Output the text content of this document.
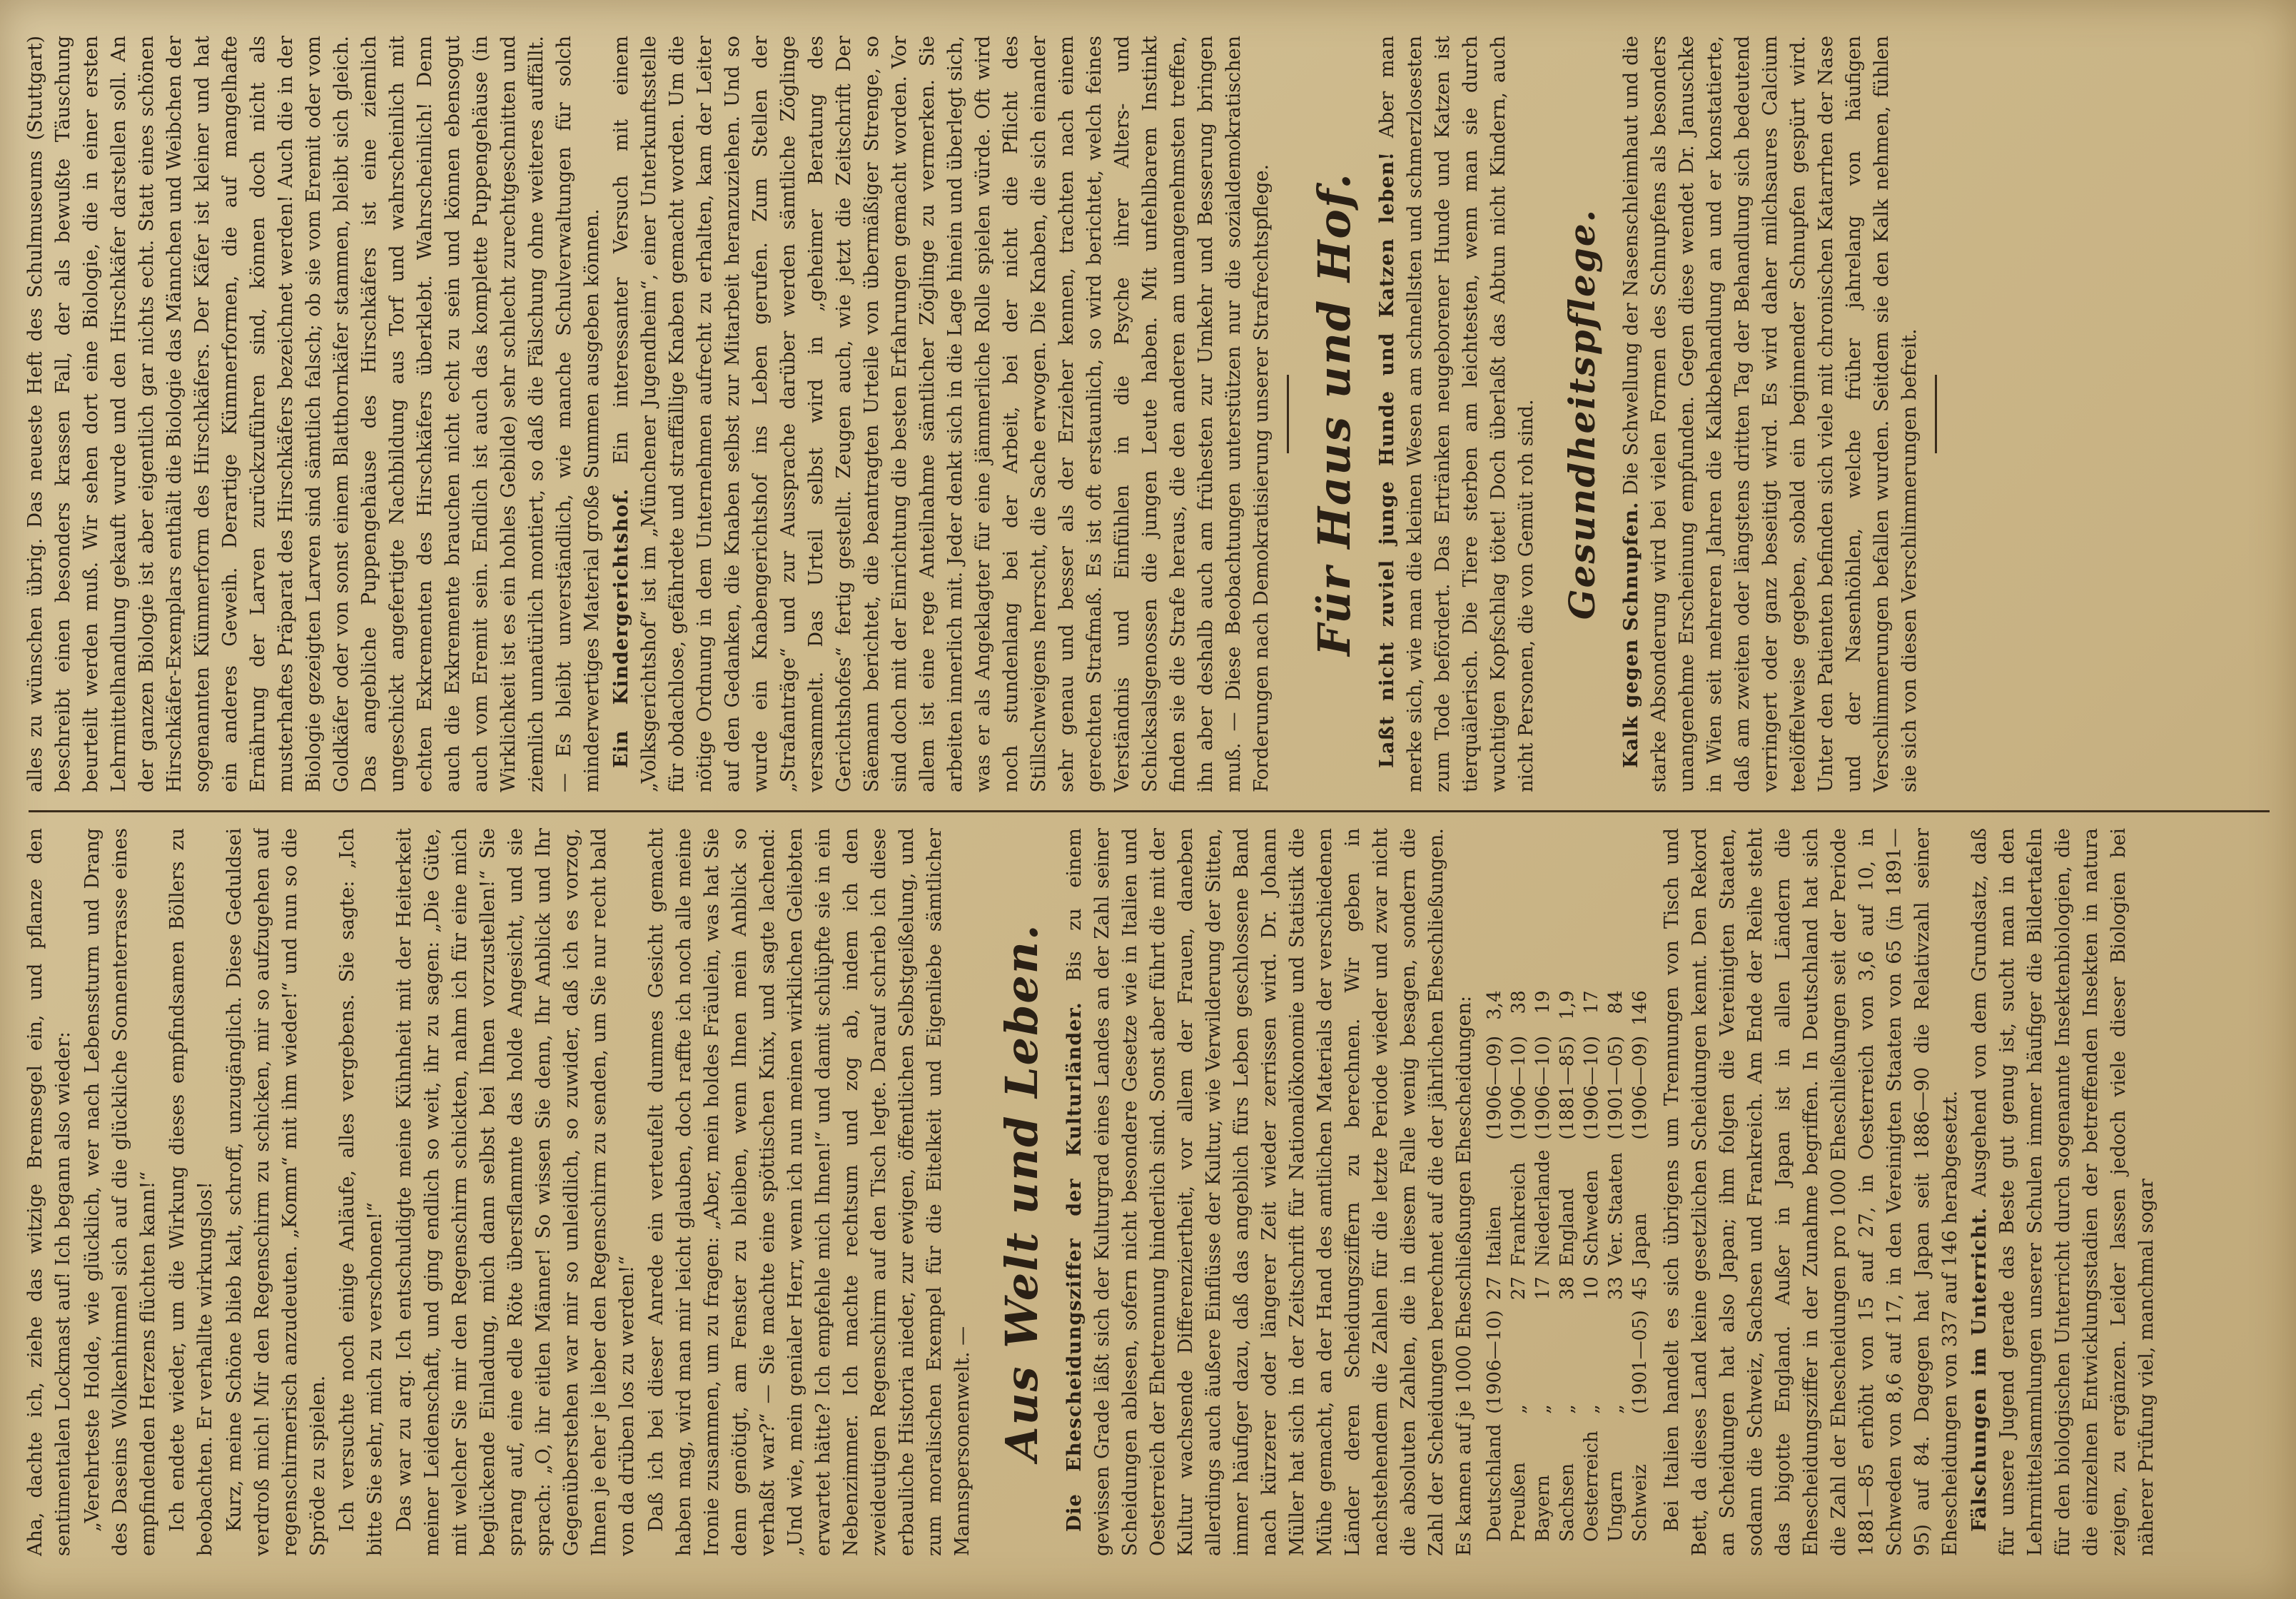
Aha, dachte ich, ziehe das witzige Bremsegel ein, und pflanze den sentimentalen Lockmast auf! Ich begann also wieder: „Verehrteste Holde, wie glücklich, wer nach Lebenssturm und Drang des Daseins Wolkenhimmel sich auf die glückliche Sonnenterrasse eines empfindenden Herzens flüchten kann!“ Ich endete wieder, um die Wirkung dieses empfindsamen Böllers zu beobachten. Er verhallte wirkungslos! Kurz, meine Schöne blieb kalt, schroff, unzugänglich. Diese Geduldsei verdroß mich! Mir den Regenschirm zu schicken, mir so aufzugehen auf regenschirmerisch anzudeuten. „Komm“ mit ihm wieder!“ und nun so die Spröde zu spielen. Ich versuchte noch einige Anläufe, alles vergebens. Sie sagte: „Ich bitte Sie sehr, mich zu verschonen!“ Das war zu arg. Ich entschuldigte meine Kühnheit mit der Heiterkeit meiner Leidenschaft, und ging endlich so weit, ihr zu sagen: „Die Güte, mit welcher Sie mir den Regenschirm schickten, nahm ich für eine mich beglückende Einladung, mich dann selbst bei Ihnen vorzustellen!“ Sie sprang auf, eine edle Röte übersflammte das holde Angesicht, und sie sprach: „O, ihr eitlen Männer! So wissen Sie denn, Ihr Anblick und Ihr Gegenüberstehen war mir so unleidlich, so zuwider, daß ich es vorzog, Ihnen je eher je lieber den Regenschirm zu senden, um Sie nur recht bald von da drüben los zu werden!“ Daß ich bei dieser Anrede ein verteufelt dummes Gesicht gemacht haben mag, wird man mir leicht glauben, doch raffte ich noch alle meine Ironie zusammen, um zu fragen: „Aber, mein holdes Fräulein, was hat Sie denn genötigt, am Fenster zu bleiben, wenn Ihnen mein Anblick so verhaßt war?“ — Sie machte eine spöttischen Knix, und sagte lachend: „Und wie, mein genialer Herr, wenn ich nun meinen wirklichen Geliebten erwartet hätte? Ich empfehle mich Ihnen!“ und damit schlüpfte sie in ein Nebenzimmer. Ich machte rechtsum und zog ab, indem ich den zweideutigen Regenschirm auf den Tisch legte. Darauf schrieb ich diese erbauliche Historia nieder, zur ewigen, öffentlichen Selbstgeißelung, und zum moralischen Exempel für die Eitelkeit und Eigenliebe sämtlicher Mannspersonenwelt. — Aus Welt und Leben. Die Ehescheidungsziffer der Kulturländer. Bis zu einem gewissen Grade läßt sich der Kulturgrad eines Landes an der Zahl seiner Scheidungen ablesen, sofern nicht besondere Gesetze wie in Italien und Oesterreich der Ehetrennung hinderlich sind. Sonst aber führt die mit der Kultur wachsende Differenziertheit, vor allem der Frauen, daneben allerdings auch äußere Einflüsse der Kultur, wie Verwilderung der Sitten, immer häufiger dazu, daß das angeblich fürs Leben geschlossene Band nach kürzerer oder längerer Zeit wieder zerrissen wird. Dr. Johann Müller hat sich in der Zeitschrift für Nationalökonomie und Statistik die Mühe gemacht, an der Hand des amtlichen Materials der verschiedenen Länder deren Scheidungsziffern zu berechnen. Wir geben in nachstehendem die Zahlen für die letzte Periode wieder und zwar nicht die absoluten Zahlen, die in diesem Falle wenig besagen, sondern die Zahl der Scheidungen berechnet auf die der jährlichen Eheschließungen. Es kamen auf je 1000 Eheschließungen Ehescheidungen: Deutschland	(1906—10)	27	Italien	(1906—09)	3,4
Preußen	„	27	Frankreich	(1906—10)	38
Bayern	„	17	Niederlande	(1906—10)	19
Sachsen	„	38	England	(1881—85)	1,9
Oesterreich	„	10	Schweden	(1906—10)	17
Ungarn	„	33	Ver. Staaten	(1901—05)	84
Schweiz	(1901—05)	45	Japan	(1906—09)	146 Bei Italien handelt es sich übrigens um Trennungen von Tisch und Bett, da dieses Land keine gesetzlichen Scheidungen kennt. Den Rekord an Scheidungen hat also Japan; ihm folgen die Vereinigten Staaten, sodann die Schweiz, Sachsen und Frankreich. Am Ende der Reihe steht das bigotte England. Außer in Japan ist in allen Ländern die Ehescheidungsziffer in der Zunahme begriffen. In Deutschland hat sich die Zahl der Ehescheidungen pro 1000 Eheschließungen seit der Periode 1881—85 erhöht von 15 auf 27, in Oesterreich von 3,6 auf 10, in Schweden von 8,6 auf 17, in den Vereinigten Staaten von 65 (in 1891—95) auf 84. Dagegen hat Japan seit 1886—90 die Relativzahl seiner Ehescheidungen von 337 auf 146 herabgesetzt. Fälschungen im Unterricht. Ausgehend von dem Grundsatz, daß für unsere Jugend gerade das Beste gut genug ist, sucht man in den Lehrmittelsammlungen unserer Schulen immer häufiger die Bildertafeln für den biologischen Unterricht durch sogenannte Insektenbiologien, die die einzelnen Entwicklungsstadien der betreffenden Insekten in natura zeigen, zu ergänzen. Leider lassen jedoch viele dieser Biologien bei näherer Prüfung viel, manchmal sogar

alles zu wünschen übrig. Das neueste Heft des Schulmuseums (Stuttgart) beschreibt einen besonders krassen Fall, der als bewußte Täuschung beurteilt werden muß. Wir sehen dort eine Biologie, die in einer ersten Lehrmittelhandlung gekauft wurde und den Hirschkäfer darstellen soll. An der ganzen Biologie ist aber eigentlich gar nichts echt. Statt eines schönen Hirschkäfer-Exemplars enthält die Biologie das Männchen und Weibchen der sogenannten Kümmerform des Hirschkäfers. Der Käfer ist kleiner und hat ein anderes Geweih. Derartige Kümmerformen, die auf mangelhafte Ernährung der Larven zurückzuführen sind, können doch nicht als musterhaftes Präparat des Hirschkäfers bezeichnet werden! Auch die in der Biologie gezeigten Larven sind sämtlich falsch; ob sie vom Eremit oder vom Goldkäfer oder von sonst einem Blatthornkäfer stammen, bleibt sich gleich. Das angebliche Puppengehäuse des Hirschkäfers ist eine ziemlich ungeschickt angefertigte Nachbildung aus Torf und wahrscheinlich mit echten Exkrementen des Hirschkäfers überklebt. Wahrscheinlich! Denn auch die Exkremente brauchen nicht echt zu sein und können ebensogut auch vom Eremit sein. Endlich ist auch das komplette Puppengehäuse (in Wirklichkeit ist es ein hohles Gebilde) sehr schlecht zurechtgeschnitten und ziemlich unnatürlich montiert, so daß die Fälschung ohne weiteres auffällt. — Es bleibt unverständlich, wie manche Schulverwaltungen für solch minderwertiges Material große Summen ausgeben können. Ein Kindergerichtshof. Ein interessanter Versuch mit einem „Volksgerichtshof“ ist im „Münchener Jugendheim“, einer Unterkunftsstelle für obdachlose, gefährdete und straffällige Knaben gemacht worden. Um die nötige Ordnung in dem Unternehmen aufrecht zu erhalten, kam der Leiter auf den Gedanken, die Knaben selbst zur Mitarbeit heranzuziehen. Und so wurde ein Knabengerichtshof ins Leben gerufen. Zum Stellen der „Strafanträge“ und zur Aussprache darüber werden sämtliche Zöglinge versammelt. Das Urteil selbst wird in „geheimer Beratung des Gerichtshofes“ fertig gestellt. Zeugen auch, wie jetzt die Zeitschrift Der Säemann berichtet, die beantragten Urteile von übermäßiger Strenge, so sind doch mit der Einrichtung die besten Erfahrungen gemacht worden. Vor allem ist eine rege Anteilnahme sämtlicher Zöglinge zu vermerken. Sie arbeiten innerlich mit. Jeder denkt sich in die Lage hinein und überlegt sich, was er als Angeklagter für eine jämmerliche Rolle spielen würde. Oft wird noch stundenlang bei der Arbeit, bei der nicht die Pflicht des Stillschweigens herrscht, die Sache erwogen. Die Knaben, die sich einander sehr genau und besser als der Erzieher kennen, trachten nach einem gerechten Strafmaß. Es ist oft erstaunlich, so wird berichtet, welch feines Verständnis und Einfühlen in die Psyche ihrer Alters- und Schicksalsgenossen die jungen Leute haben. Mit unfehlbarem Instinkt finden sie die Strafe heraus, die den anderen am unangenehmsten treffen, ihn aber deshalb auch am frühesten zur Umkehr und Besserung bringen muß. — Diese Beobachtungen unterstützen nur die sozialdemokratischen Forderungen nach Demokratisierung unserer Strafrechtspflege. Für Haus und Hof. Laßt nicht zuviel junge Hunde und Katzen leben! Aber man merke sich, wie man die kleinen Wesen am schnellsten und schmerzlosesten zum Tode befördert. Das Ertränken neugeborener Hunde und Katzen ist tierquälerisch. Die Tiere sterben am leichtesten, wenn man sie durch wuchtigen Kopfschlag tötet! Doch überlaßt das Abtun nicht Kindern, auch nicht Personen, die von Gemüt roh sind. Gesundheitspflege.

Kalk gegen Schnupfen. Die Schwellung der Nasenschleimhaut und die starke Absonderung wird bei vielen Formen des Schnupfens als besonders unangenehme Erscheinung empfunden. Gegen diese wendet Dr. Januschke in Wien seit mehreren Jahren die Kalkbehandlung an und er konstatierte, daß am zweiten oder längstens dritten Tag der Behandlung sich bedeutend verringert oder ganz beseitigt wird. Es wird daher milchsaures Calcium teelöffelweise gegeben, sobald ein beginnender Schnupfen gespürt wird. Unter den Patienten befinden sich viele mit chronischen Katarrhen der Nase und der Nasenhöhlen, welche früher jahrelang von häufigen Verschlimmerungen befallen wurden. Seitdem sie den Kalk nehmen, fühlen sie sich von diesen Verschlimmerungen befreit.
